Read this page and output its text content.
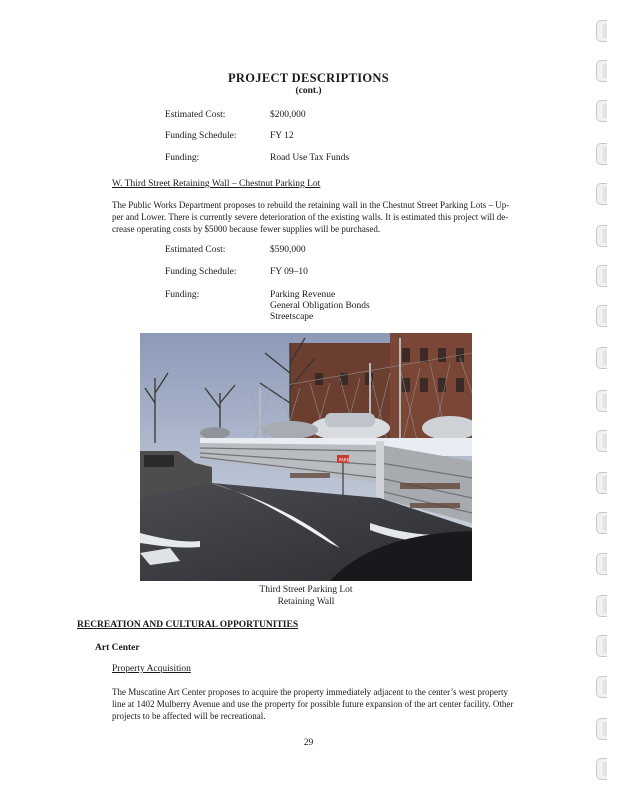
PROJECT DESCRIPTIONS
(cont.)
Estimated Cost:	$200,000
Funding Schedule:	FY 12
Funding:	Road Use Tax Funds
W. Third Street Retaining Wall – Chestnut Parking Lot
The Public Works Department proposes to rebuild the retaining wall in the Chestnut Street Parking Lots – Up-
per and Lower. There is currently severe deterioration of the existing walls. It is estimated this project will de-
crease operating costs by $5000 because fewer supplies will be purchased.
Estimated Cost:	$590,000
Funding Schedule:	FY 09–10
Funding:	Parking Revenue
General Obligation Bonds
Streetscape
PARK
Third Street Parking Lot
Retaining Wall
RECREATION AND CULTURAL OPPORTUNITIES
Art Center
Property Acquisition
The Muscatine Art Center proposes to acquire the property immediately adjacent to the center’s west property
line at 1402 Mulberry Avenue and use the property for possible future expansion of the art center facility. Other
projects to be affected will be recreational.
29
